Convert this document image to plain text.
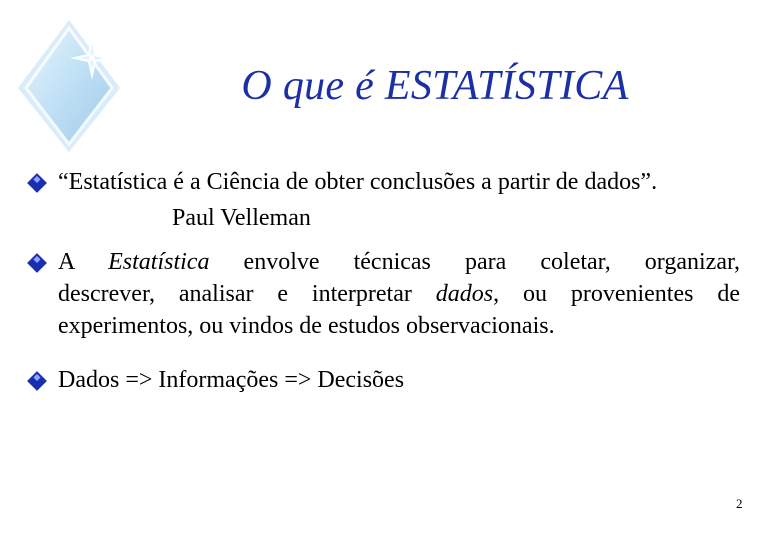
O que é ESTATÍSTICA
“Estatística é a Ciência de obter conclusões a partir de dados”.
Paul Velleman
A Estatística envolve técnicas para coletar, organizar,
descrever, analisar e interpretar dados, ou provenientes de
experimentos, ou vindos de estudos observacionais.
Dados => Informações => Decisões
2
